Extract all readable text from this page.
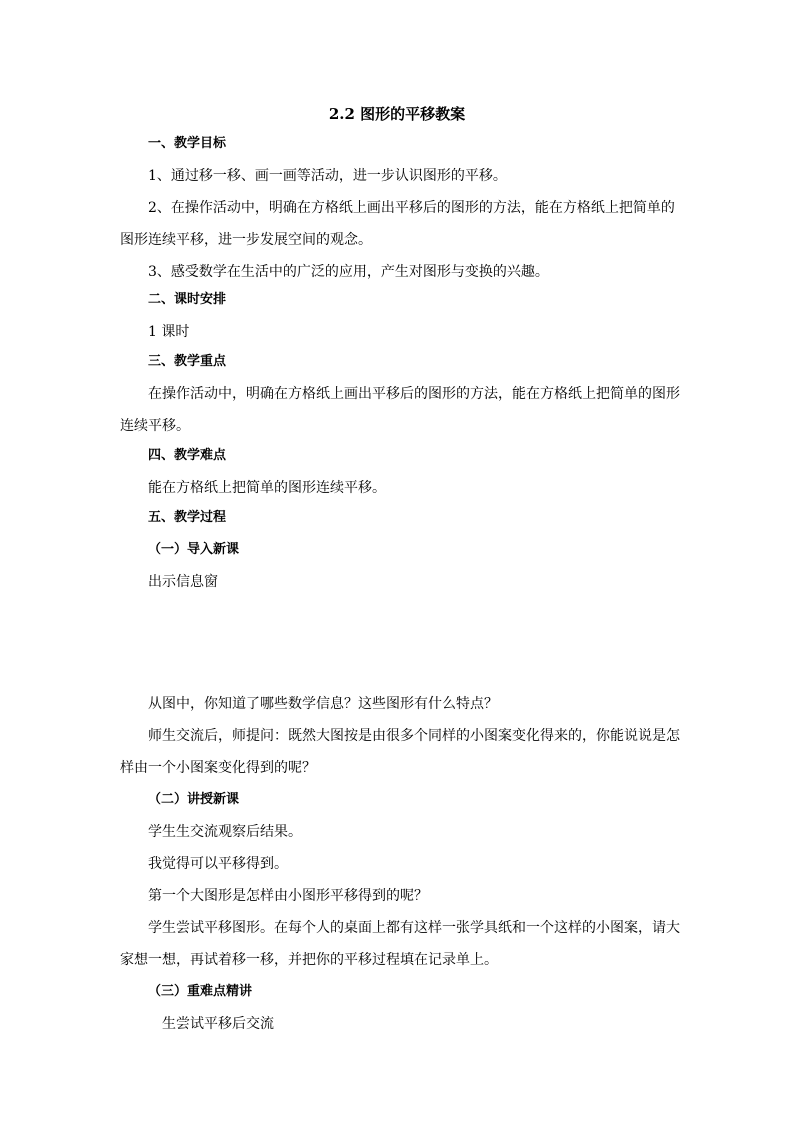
2.2 图形的平移教案
一、教学目标
1、通过移一移、画一画等活动，进一步认识图形的平移。
2、在操作活动中，明确在方格纸上画出平移后的图形的方法，能在方格纸上把简单的图形连续平移，进一步发展空间的观念。
3、感受数学在生活中的广泛的应用，产生对图形与变换的兴趣。
二、课时安排
1 课时
三、教学重点
在操作活动中，明确在方格纸上画出平移后的图形的方法，能在方格纸上把简单的图形连续平移。
四、教学难点
能在方格纸上把简单的图形连续平移。
五、教学过程
（一）导入新课
出示信息窗
从图中，你知道了哪些数学信息？这些图形有什么特点？
师生交流后，师提问：既然大图按是由很多个同样的小图案变化得来的，你能说说是怎样由一个小图案变化得到的呢？
（二）讲授新课
学生生交流观察后结果。
我觉得可以平移得到。
第一个大图形是怎样由小图形平移得到的呢？
学生尝试平移图形。在每个人的桌面上都有这样一张学具纸和一个这样的小图案，请大家想一想，再试着移一移，并把你的平移过程填在记录单上。
（三）重难点精讲
生尝试平移后交流
